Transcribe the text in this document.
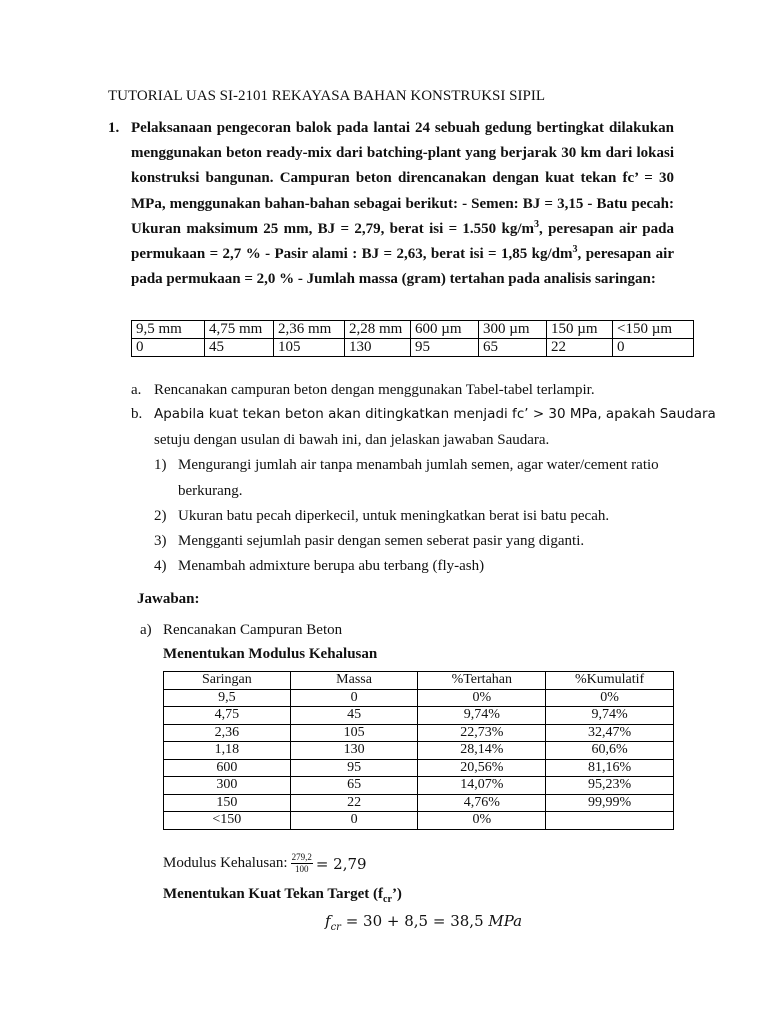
TUTORIAL UAS SI-2101 REKAYASA BAHAN KONSTRUKSI SIPIL
1. Pelaksanaan pengecoran balok pada lantai 24 sebuah gedung bertingkat dilakukan menggunakan beton ready-mix dari batching-plant yang berjarak 30 km dari lokasi konstruksi bangunan. Campuran beton direncanakan dengan kuat tekan fc’ = 30 MPa, menggunakan bahan-bahan sebagai berikut: - Semen: BJ = 3,15 - Batu pecah: Ukuran maksimum 25 mm, BJ = 2,79, berat isi = 1.550 $kg/m^3$, peresapan air pada permukaan = 2,7 % - Pasir alami : BJ = 2,63, berat isi = 1,85 $kg/dm^3$, peresapan air pada permukaan = 2,0 % - Jumlah massa (gram) tertahan pada analisis saringan:
9,5 mm	4,75 mm	2,36 mm	2,28 mm	600 µm	300 µm	150 µm	<150 µm
0	45	105	130	95	65	22	0
a. Rencanakan campuran beton dengan menggunakan Tabel-tabel terlampir.
b. Apabila kuat tekan beton akan ditingkatkan menjadi fc’ > 30 MPa, apakah Saudara
setuju dengan usulan di bawah ini, dan jelaskan jawaban Saudara.
1) Mengurangi jumlah air tanpa menambah jumlah semen, agar water/cement ratio
berkurang.
2) Ukuran batu pecah diperkecil, untuk meningkatkan berat isi batu pecah.
3) Mengganti sejumlah pasir dengan semen seberat pasir yang diganti.
4) Menambah admixture berupa abu terbang (fly-ash)
Jawaban:
a) Rencanakan Campuran Beton
Menentukan Modulus Kehalusan
Saringan	Massa	%Tertahan	%Kumulatif
9,5	0	0%	0%
4,75	45	9,74%	9,74%
2,36	105	22,73%	32,47%
1,18	130	28,14%	60,6%
600	95	20,56%	81,16%
300	65	14,07%	95,23%
150	22	4,76%	99,99%
<150	0	0%	
Modulus Kehalusan: $\frac{279,2}{100} = 2,79$
Menentukan Kuat Tekan Target $(f_{cr}’)$
$f_{cr} = 30 + 8,5 = 38,5$ MPa
